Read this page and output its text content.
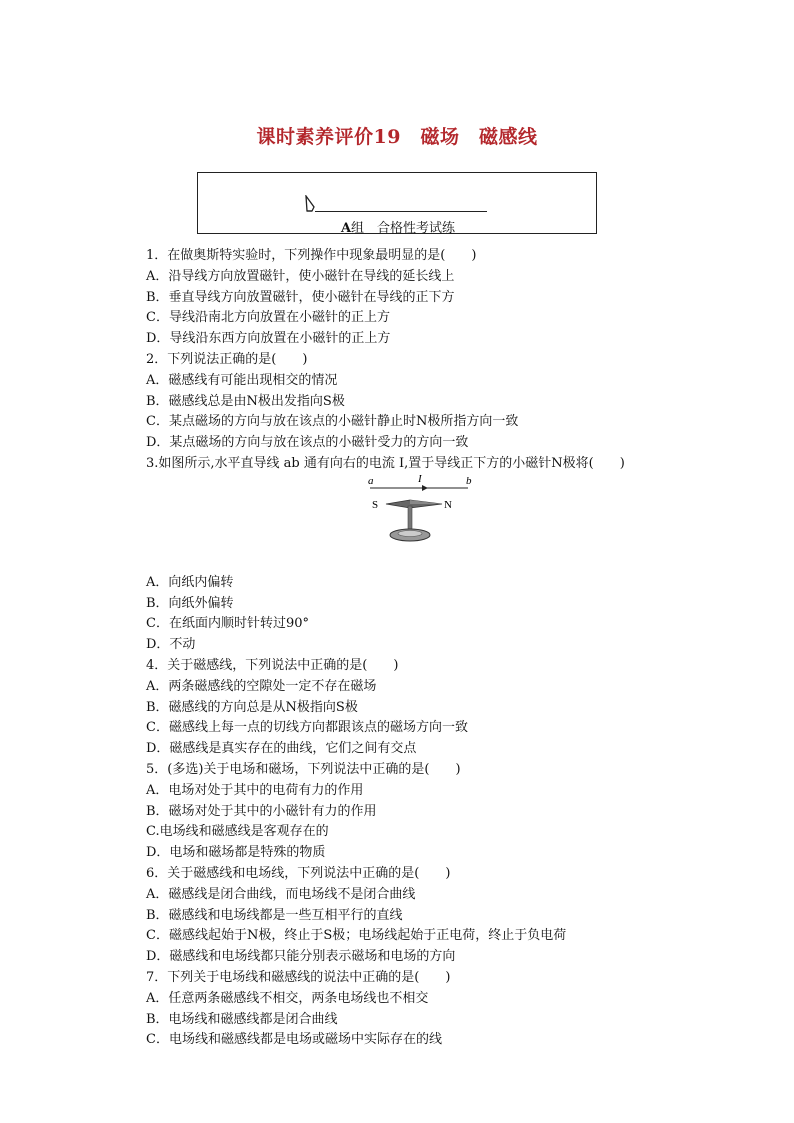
课时素养评价19　磁场　磁感线
A组　合格性考试练
1．在做奥斯特实验时，下列操作中现象最明显的是(　　)
A．沿导线方向放置磁针，使小磁针在导线的延长线上
B．垂直导线方向放置磁针，使小磁针在导线的正下方
C．导线沿南北方向放置在小磁针的正上方
D．导线沿东西方向放置在小磁针的正上方
2．下列说法正确的是(　　)
A．磁感线有可能出现相交的情况
B．磁感线总是由N极出发指向S极
C．某点磁场的方向与放在该点的小磁针静止时N极所指方向一致
D．某点磁场的方向与放在该点的小磁针受力的方向一致
3.如图所示,水平直导线 ab 通有向右的电流 I,置于导线正下方的小磁针N极将(　　)
a	b
I
S	N
A．向纸内偏转
B．向纸外偏转
C．在纸面内顺时针转过90°
D．不动
4．关于磁感线，下列说法中正确的是(　　)
A．两条磁感线的空隙处一定不存在磁场
B．磁感线的方向总是从N极指向S极
C．磁感线上每一点的切线方向都跟该点的磁场方向一致
D．磁感线是真实存在的曲线，它们之间有交点
5．(多选)关于电场和磁场，下列说法中正确的是(　　)
A．电场对处于其中的电荷有力的作用
B．磁场对处于其中的小磁针有力的作用
C.电场线和磁感线是客观存在的
D．电场和磁场都是特殊的物质
6．关于磁感线和电场线，下列说法中正确的是(　　)
A．磁感线是闭合曲线，而电场线不是闭合曲线
B．磁感线和电场线都是一些互相平行的直线
C．磁感线起始于N极，终止于S极；电场线起始于正电荷，终止于负电荷
D．磁感线和电场线都只能分别表示磁场和电场的方向
7．下列关于电场线和磁感线的说法中正确的是(　　)
A．任意两条磁感线不相交，两条电场线也不相交
B．电场线和磁感线都是闭合曲线
C．电场线和磁感线都是电场或磁场中实际存在的线
